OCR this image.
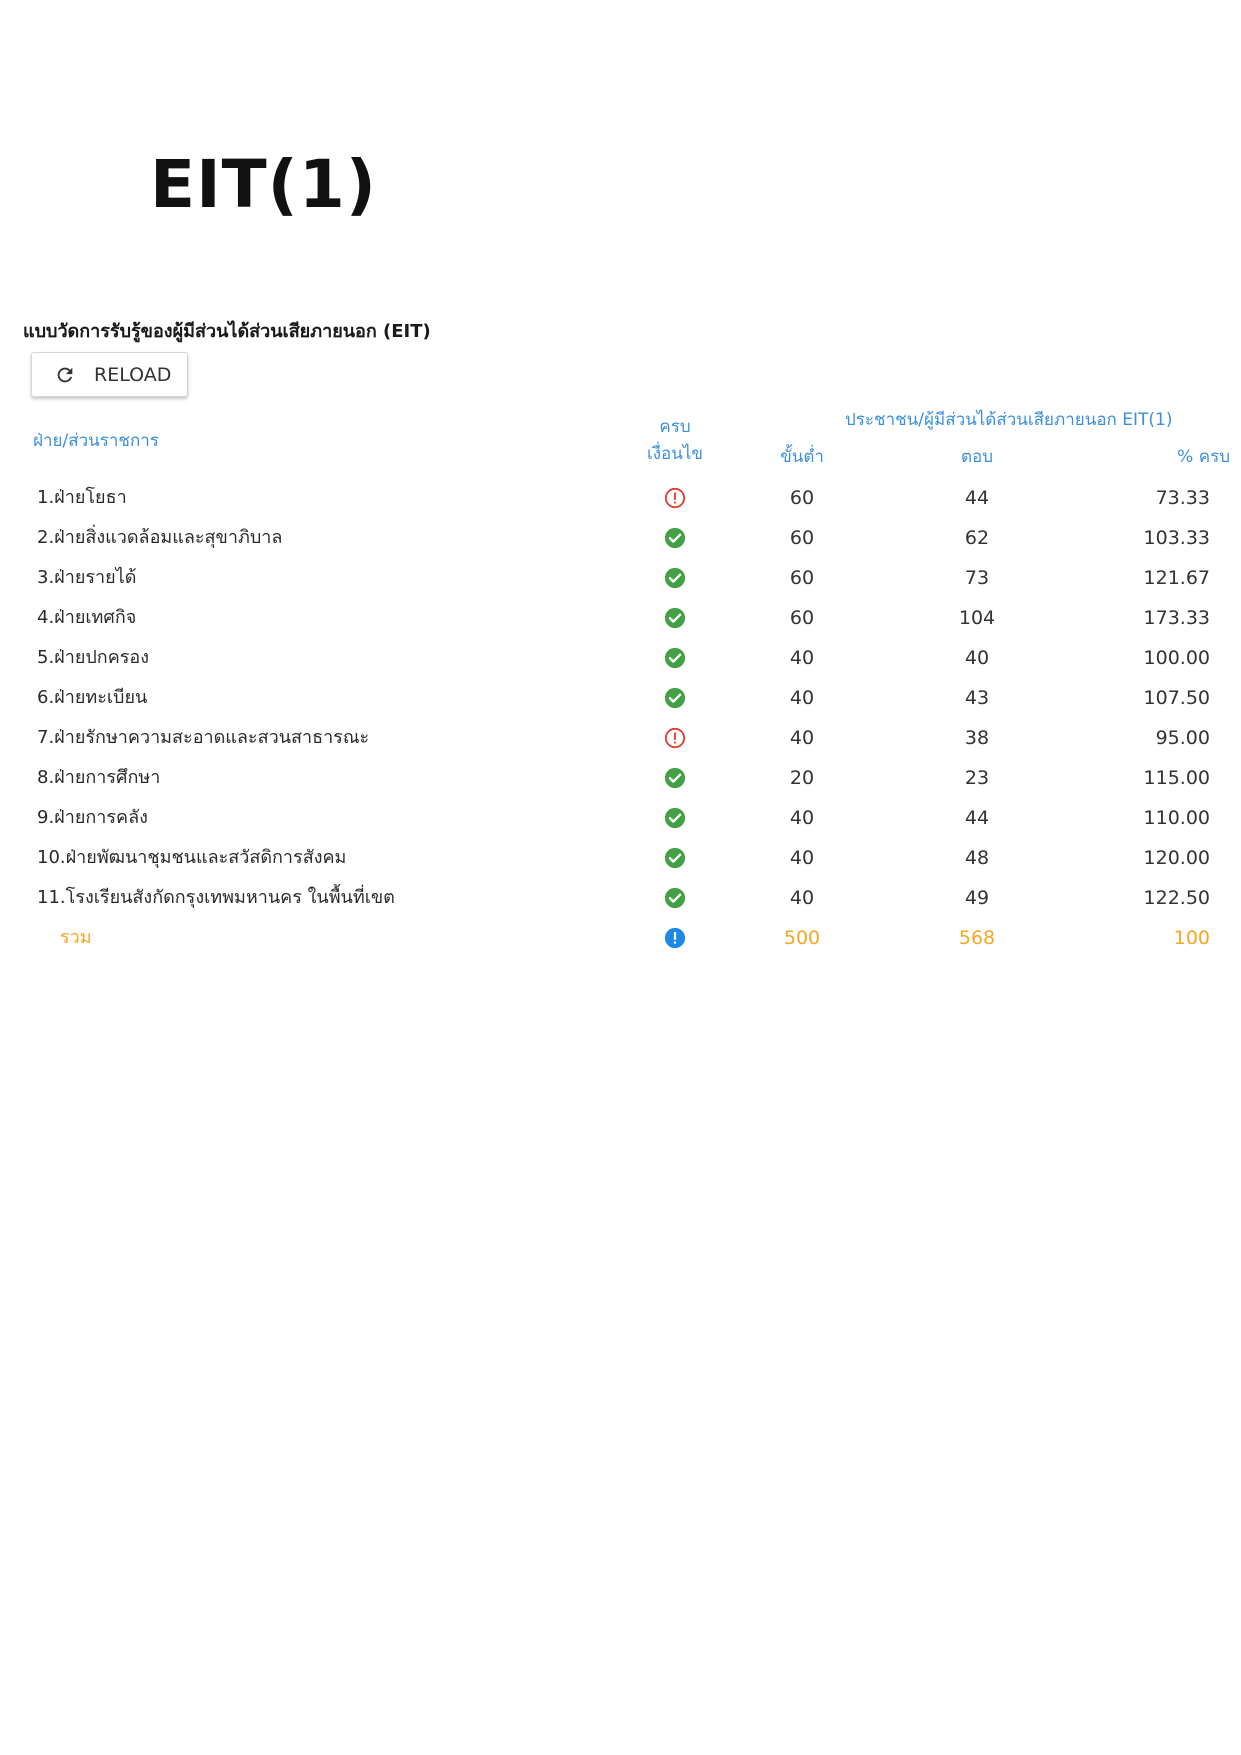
EIT(1)
แบบวัดการรับรู้ของผู้มีส่วนได้ส่วนเสียภายนอก (EIT)
RELOAD
ฝ่าย/ส่วนราชการ
ครบ
เงื่อนไข
ประชาชน/ผู้มีส่วนได้ส่วนเสียภายนอก EIT(1)
ขั้นต่ำ	ตอบ	% ครบ
1.ฝ่ายโยธา	60	44	73.33
2.ฝ่ายสิ่งแวดล้อมและสุขาภิบาล	60	62	103.33
3.ฝ่ายรายได้	60	73	121.67
4.ฝ่ายเทศกิจ	60	104	173.33
5.ฝ่ายปกครอง	40	40	100.00
6.ฝ่ายทะเบียน	40	43	107.50
7.ฝ่ายรักษาความสะอาดและสวนสาธารณะ	40	38	95.00
8.ฝ่ายการศึกษา	20	23	115.00
9.ฝ่ายการคลัง	40	44	110.00
10.ฝ่ายพัฒนาชุมชนและสวัสดิการสังคม	40	48	120.00
11.โรงเรียนสังกัดกรุงเทพมหานคร ในพื้นที่เขต	40	49	122.50
รวม	500	568	100
